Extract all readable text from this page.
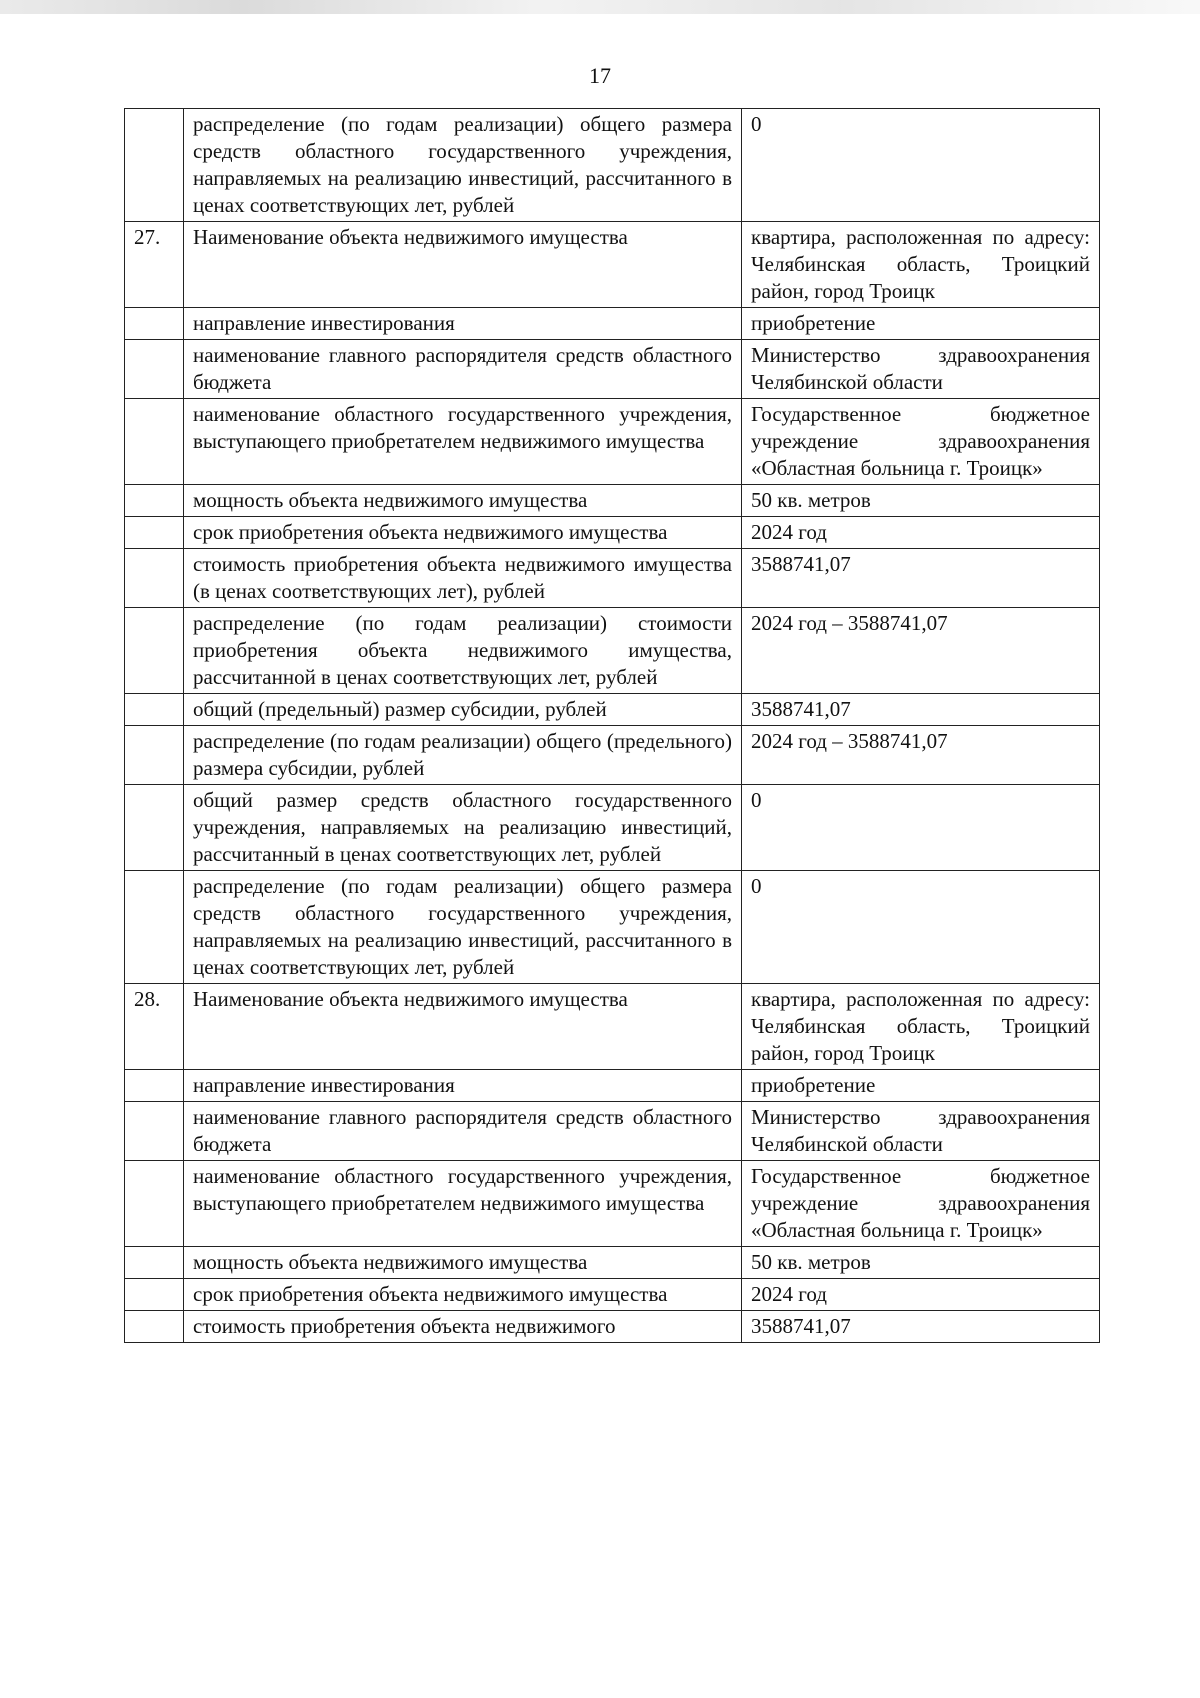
17
	распределение (по годам реализации) общего размера средств областного государственного учреждения, направляемых на реализацию инвестиций, рассчитанного в ценах соответствующих лет, рублей	0
27.	Наименование объекта недвижимого имущества	квартира, расположенная по адресу: Челябинская область, Троицкий район, город Троицк
	направление инвестирования	приобретение
	наименование главного распорядителя средств областного бюджета	Министерство здравоохранения Челябинской области
	наименование областного государственного учреждения, выступающего приобретателем недвижимого имущества	Государственное бюджетное учреждение здравоохранения «Областная больница г. Троицк»
	мощность объекта недвижимого имущества	50 кв. метров
	срок приобретения объекта недвижимого имущества	2024 год
	стоимость приобретения объекта недвижимого имущества (в ценах соответствующих лет), рублей	3588741,07
	распределение (по годам реализации) стоимости приобретения объекта недвижимого имущества, рассчитанной в ценах соответствующих лет, рублей	2024 год – 3588741,07
	общий (предельный) размер субсидии, рублей	3588741,07
	распределение (по годам реализации) общего (предельного) размера субсидии, рублей	2024 год – 3588741,07
	общий размер средств областного государственного учреждения, направляемых на реализацию инвестиций, рассчитанный в ценах соответствующих лет, рублей	0
	распределение (по годам реализации) общего размера средств областного государственного учреждения, направляемых на реализацию инвестиций, рассчитанного в ценах соответствующих лет, рублей	0
28.	Наименование объекта недвижимого имущества	квартира, расположенная по адресу: Челябинская область, Троицкий район, город Троицк
	направление инвестирования	приобретение
	наименование главного распорядителя средств областного бюджета	Министерство здравоохранения Челябинской области
	наименование областного государственного учреждения, выступающего приобретателем недвижимого имущества	Государственное бюджетное учреждение здравоохранения «Областная больница г. Троицк»
	мощность объекта недвижимого имущества	50 кв. метров
	срок приобретения объекта недвижимого имущества	2024 год
	стоимость приобретения объекта недвижимого	3588741,07
